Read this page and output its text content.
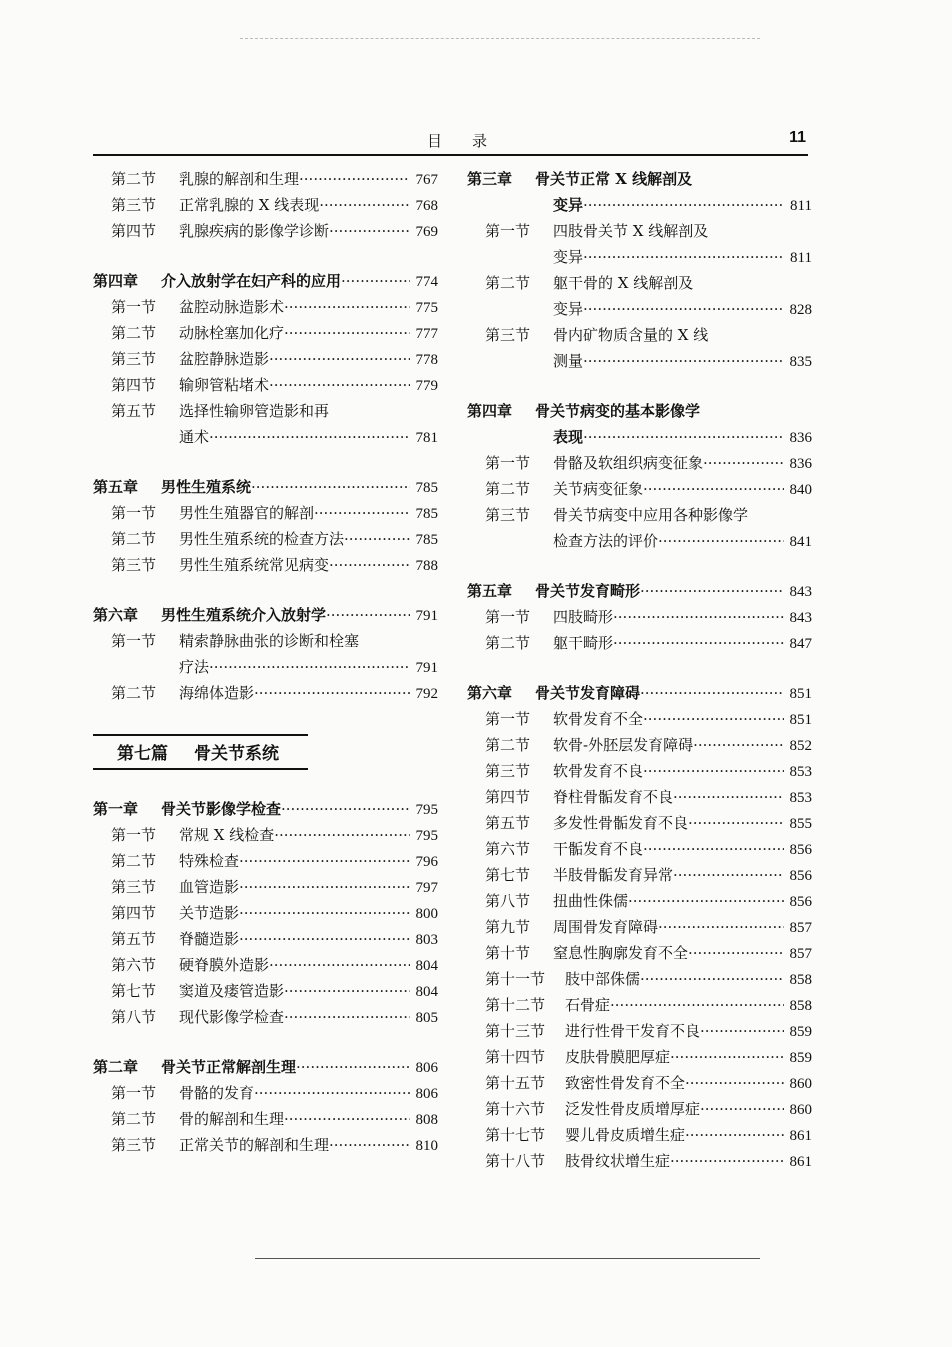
目 录	11
第二节 乳腺的解剖和生理 ·····	767
第三节 正常乳腺的 X 线表现 ·····	768
第四节 乳腺疾病的影像学诊断 ·····	769
第四章 介入放射学在妇产科的应用 ·····	774
第一节 盆腔动脉造影术 ·····	775
第二节 动脉栓塞加化疗 ·····	777
第三节 盆腔静脉造影 ·····	778
第四节 输卵管粘堵术 ·····	779
第五节 选择性输卵管造影和再
通术 ·····	781
第五章 男性生殖系统 ·····	785
第一节 男性生殖器官的解剖 ·····	785
第二节 男性生殖系统的检查方法 ·····	785
第三节 男性生殖系统常见病变 ·····	788
第六章 男性生殖系统介入放射学 ·····	791
第一节 精索静脉曲张的诊断和栓塞
疗法 ·····	791
第二节 海绵体造影 ·····	792
第七篇 骨关节系统
第一章 骨关节影像学检查 ·····	795
第一节 常规 X 线检查 ·····	795
第二节 特殊检查 ·····	796
第三节 血管造影 ·····	797
第四节 关节造影 ·····	800
第五节 脊髓造影 ·····	803
第六节 硬脊膜外造影 ·····	804
第七节 窦道及瘘管造影 ·····	804
第八节 现代影像学检查 ·····	805
第二章 骨关节正常解剖生理 ·····	806
第一节 骨骼的发育 ·····	806
第二节 骨的解剖和生理 ·····	808
第三节 正常关节的解剖和生理 ·····	810
第三章 骨关节正常 X 线解剖及
变异 ·····	811
第一节 四肢骨关节 X 线解剖及
变异 ·····	811
第二节 躯干骨的 X 线解剖及
变异 ·····	828
第三节 骨内矿物质含量的 X 线
测量 ·····	835
第四章 骨关节病变的基本影像学
表现 ·····	836
第一节 骨骼及软组织病变征象 ·····	836
第二节 关节病变征象 ·····	840
第三节 骨关节病变中应用各种影像学
检查方法的评价 ·····	841
第五章 骨关节发育畸形 ·····	843
第一节 四肢畸形 ·····	843
第二节 躯干畸形 ·····	847
第六章 骨关节发育障碍 ·····	851
第一节 软骨发育不全 ·····	851
第二节 软骨-外胚层发育障碍 ·····	852
第三节 软骨发育不良 ·····	853
第四节 脊柱骨骺发育不良 ·····	853
第五节 多发性骨骺发育不良 ·····	855
第六节 干骺发育不良 ·····	856
第七节 半肢骨骺发育异常 ·····	856
第八节 扭曲性侏儒 ·····	856
第九节 周围骨发育障碍 ·····	857
第十节 窒息性胸廓发育不全 ·····	857
第十一节 肢中部侏儒 ·····	858
第十二节 石骨症 ·····	858
第十三节 进行性骨干发育不良 ·····	859
第十四节 皮肤骨膜肥厚症 ·····	859
第十五节 致密性骨发育不全 ·····	860
第十六节 泛发性骨皮质增厚症 ·····	860
第十七节 婴儿骨皮质增生症 ·····	861
第十八节 肢骨纹状增生症 ·····	861
